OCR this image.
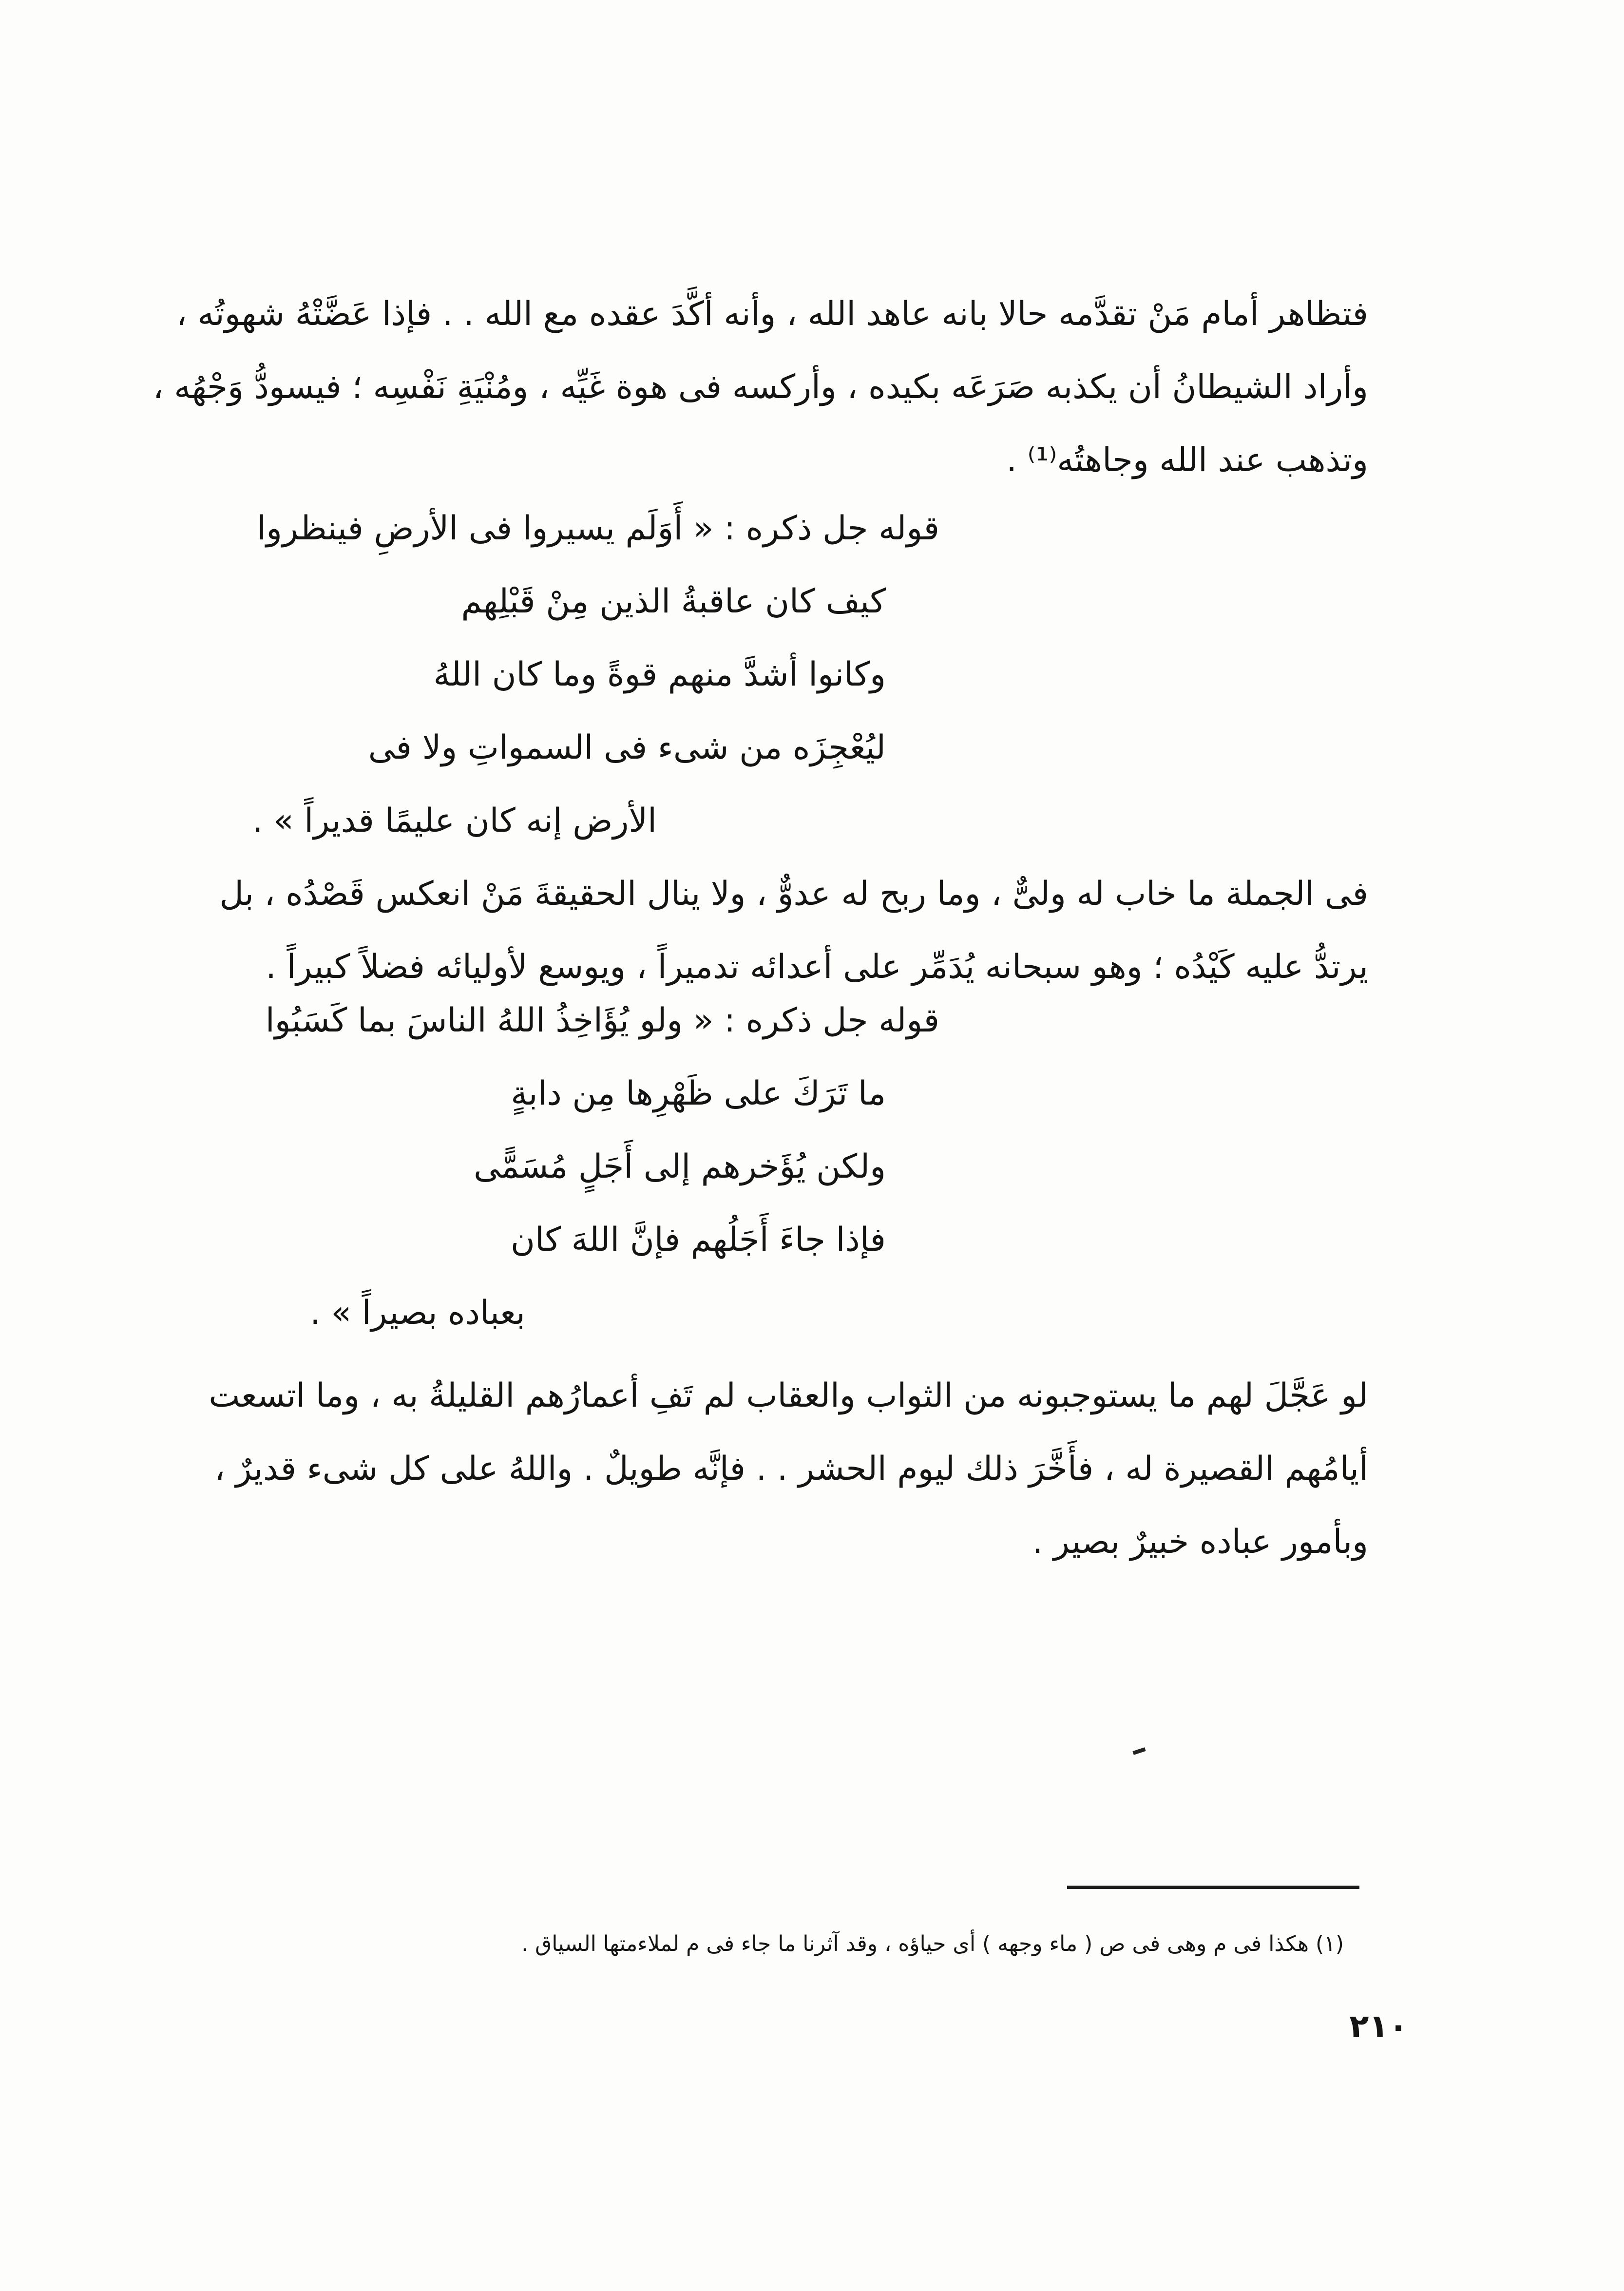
فتظاهر أمام مَنْ تقدَّمه حالا بانه عاهد الله ، وأنه أكَّدَ عقده مع الله . . فإذا عَضَّتْهُ شهوتُه ،
وأراد الشيطانُ أن يكذبه صَرَعَه بكيده ، وأركسه فى هوة غَيِّه ، ومُنْيَةِ نَفْسِه ؛ فيسودُّ وَجْهُه ،
وتذهب عند الله وجاهتُه⁽¹⁾ .
قوله جل ذكره : « أَوَلَم يسيروا فى الأرضِ فينظروا
كيف كان عاقبةُ الذين مِنْ قَبْلِهم
وكانوا أشدَّ منهم قوةً وما كان اللهُ
ليُعْجِزَه من شىء فى السمواتِ ولا فى
الأرض إنه كان عليمًا قديراً » .
فى الجملة ما خاب له ولىٌّ ، وما ربح له عدوٌّ ، ولا ينال الحقيقةَ مَنْ انعكس قَصْدُه ، بل
يرتدُّ عليه كَيْدُه ؛ وهو سبحانه يُدَمِّر على أعدائه تدميراً ، ويوسع لأوليائه فضلاً كبيراً .
قوله جل ذكره : « ولو يُؤَاخِذُ اللهُ الناسَ بما كَسَبُوا
ما تَرَكَ على ظَهْرِها مِن دابةٍ
ولكن يُؤَخرهم إلى أَجَلٍ مُسَمًّى
فإذا جاءَ أَجَلُهم فإنَّ اللهَ كان
بعباده بصيراً » .
لو عَجَّلَ لهم ما يستوجبونه من الثواب والعقاب لم تَفِ أعمارُهم القليلةُ به ، وما اتسعت
أيامُهم القصيرة له ، فأَخَّرَ ذلك ليوم الحشر . . فإنَّه طويلٌ . واللهُ على كل شىء قديرٌ ،
وبأمور عباده خبيرٌ بصير .
(١) هكذا فى م وهى فى ص ( ماء وجهه ) أى حياؤه ، وقد آثرنا ما جاء فى م لملاءمتها السياق .
٢١٠
